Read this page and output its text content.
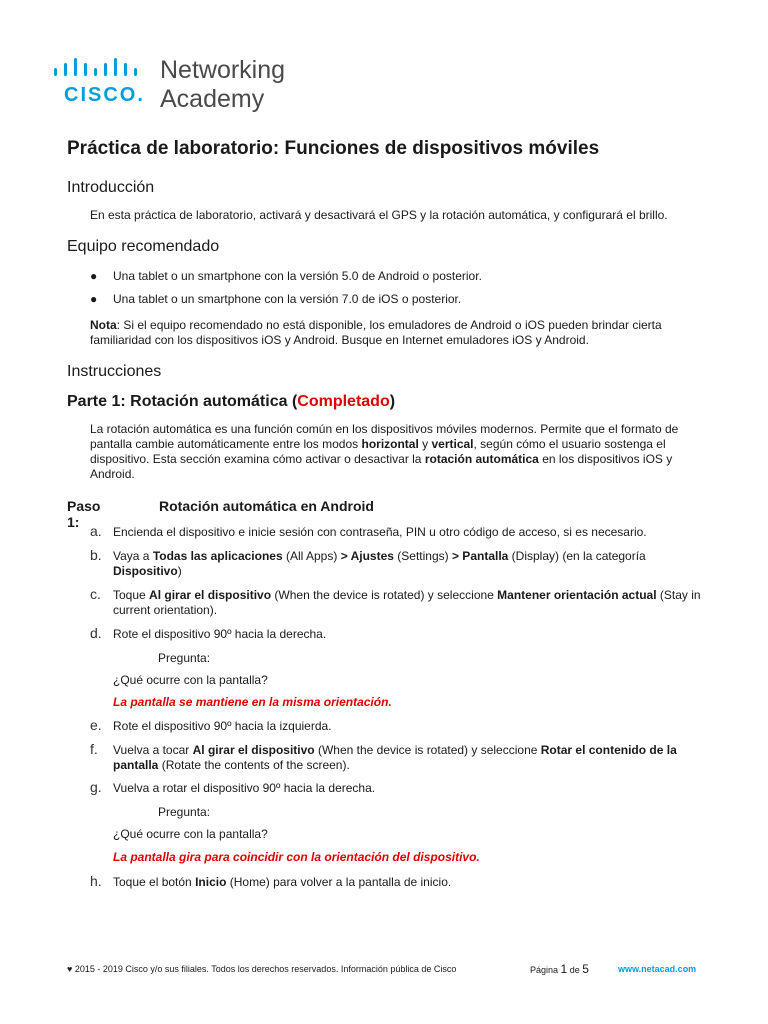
CISCO.
Networking
Academy
Práctica de laboratorio: Funciones de dispositivos móviles
Introducción
En esta práctica de laboratorio, activará y desactivará el GPS y la rotación automática, y configurará el brillo.
Equipo recomendado
● Una tablet o un smartphone con la versión 5.0 de Android o posterior.
● Una tablet o un smartphone con la versión 7.0 de iOS o posterior.
Nota: Si el equipo recomendado no está disponible, los emuladores de Android o iOS pueden brindar cierta familiaridad con los dispositivos iOS y Android. Busque en Internet emuladores iOS y Android.
Instrucciones
Parte 1: Rotación automática (Completado)
La rotación automática es una función común en los dispositivos móviles modernos. Permite que el formato de pantalla cambie automáticamente entre los modos horizontal y vertical, según cómo el usuario sostenga el dispositivo. Esta sección examina cómo activar o desactivar la rotación automática en los dispositivos iOS y Android.
Paso 1:
Rotación automática en Android
a. Encienda el dispositivo e inicie sesión con contraseña, PIN u otro código de acceso, si es necesario.
b. Vaya a Todas las aplicaciones (All Apps) > Ajustes (Settings) > Pantalla (Display) (en la categoría Dispositivo)
c. Toque Al girar el dispositivo (When the device is rotated) y seleccione Mantener orientación actual (Stay in current orientation).
d. Rote el dispositivo 90º hacia la derecha.
Pregunta:
¿Qué ocurre con la pantalla?
La pantalla se mantiene en la misma orientación.
e. Rote el dispositivo 90º hacia la izquierda.
f. Vuelva a tocar Al girar el dispositivo (When the device is rotated) y seleccione Rotar el contenido de la pantalla (Rotate the contents of the screen).
g. Vuelva a rotar el dispositivo 90º hacia la derecha.
Pregunta:
¿Qué ocurre con la pantalla?
La pantalla gira para coincidir con la orientación del dispositivo.
h. Toque el botón Inicio (Home) para volver a la pantalla de inicio.
♥ 2015 - 2019 Cisco y/o sus filiales. Todos los derechos reservados. Información pública de Cisco	Página 1 de 5	www.netacad.com
